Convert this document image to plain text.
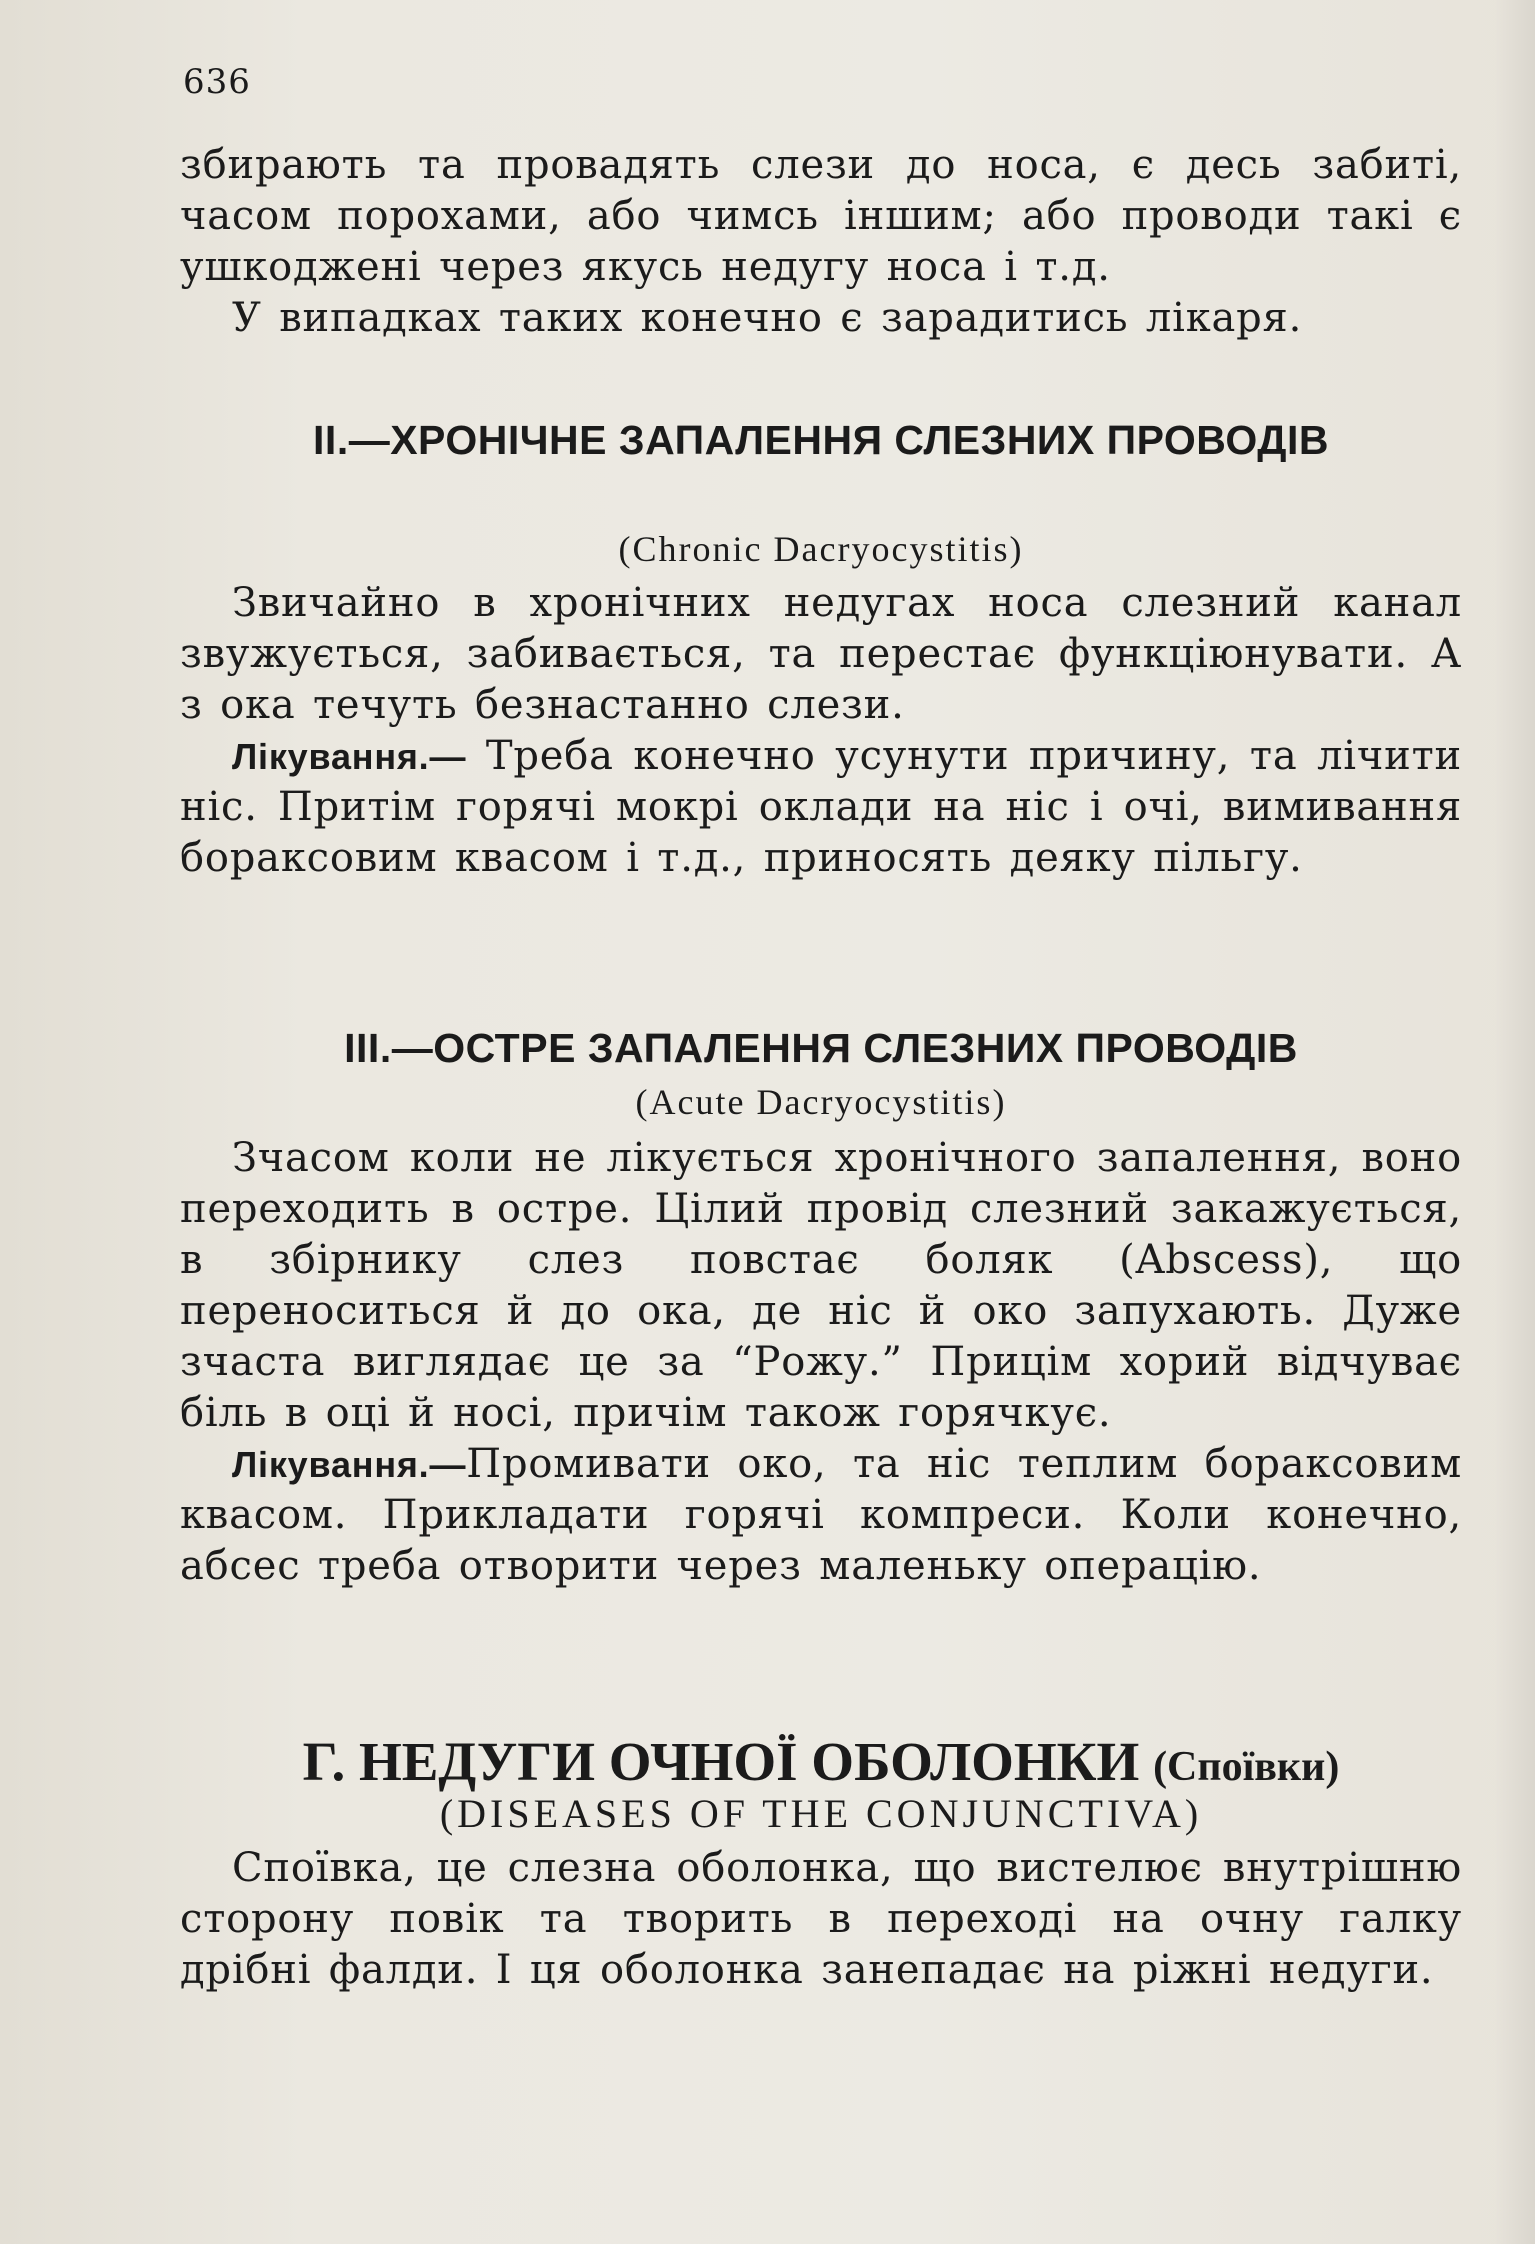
636

збирають та провадять слези до носа, є десь забиті, часом порохами, або чимсь іншим; або проводи такі є ушкоджені через якусь недугу носа і т.д.

У випадках таких конечно є зарадитись лікаря.

II.—ХРОНІЧНЕ ЗАПАЛЕННЯ СЛЕЗНИХ ПРОВОДІВ
(Chronic Dacryocystitis)

Звичайно в хронічних недугах носа слезний канал звужується, забивається, та перестає функціюнувати. А з ока течуть безнастанно слези.

Лікування.— Треба конечно усунути причину, та лічити ніс. Притім горячі мокрі оклади на ніс і очі, вимивання бораксовим квасом і т.д., приносять деяку пільгу.

III.—ОСТРЕ ЗАПАЛЕННЯ СЛЕЗНИХ ПРОВОДІВ
(Acute Dacryocystitis)

Зчасом коли не лікується хронічного запалення, воно переходить в остре. Цілий провід слезний закажується, в збірнику слез повстає боляк (Abscess), що переноситься й до ока, де ніс й око запухають. Дуже зчаста виглядає це за “Рожу.” Прицім хорий відчуває біль в оці й носі, причім також горячкує.

Лікування.—Промивати око, та ніс теплим бораксовим квасом. Прикладати горячі компреси. Коли конечно, абсес треба отворити через маленьку операцію.

Г. НЕДУГИ ОЧНОЇ ОБОЛОНКИ (Споївки)
(DISEASES OF THE CONJUNCTIVA)

Споївка, це слезна оболонка, що вистелює внутрішню сторону повік та творить в переході на очну галку дрібні фалди. І ця оболонка занепадає на ріжні недуги.
